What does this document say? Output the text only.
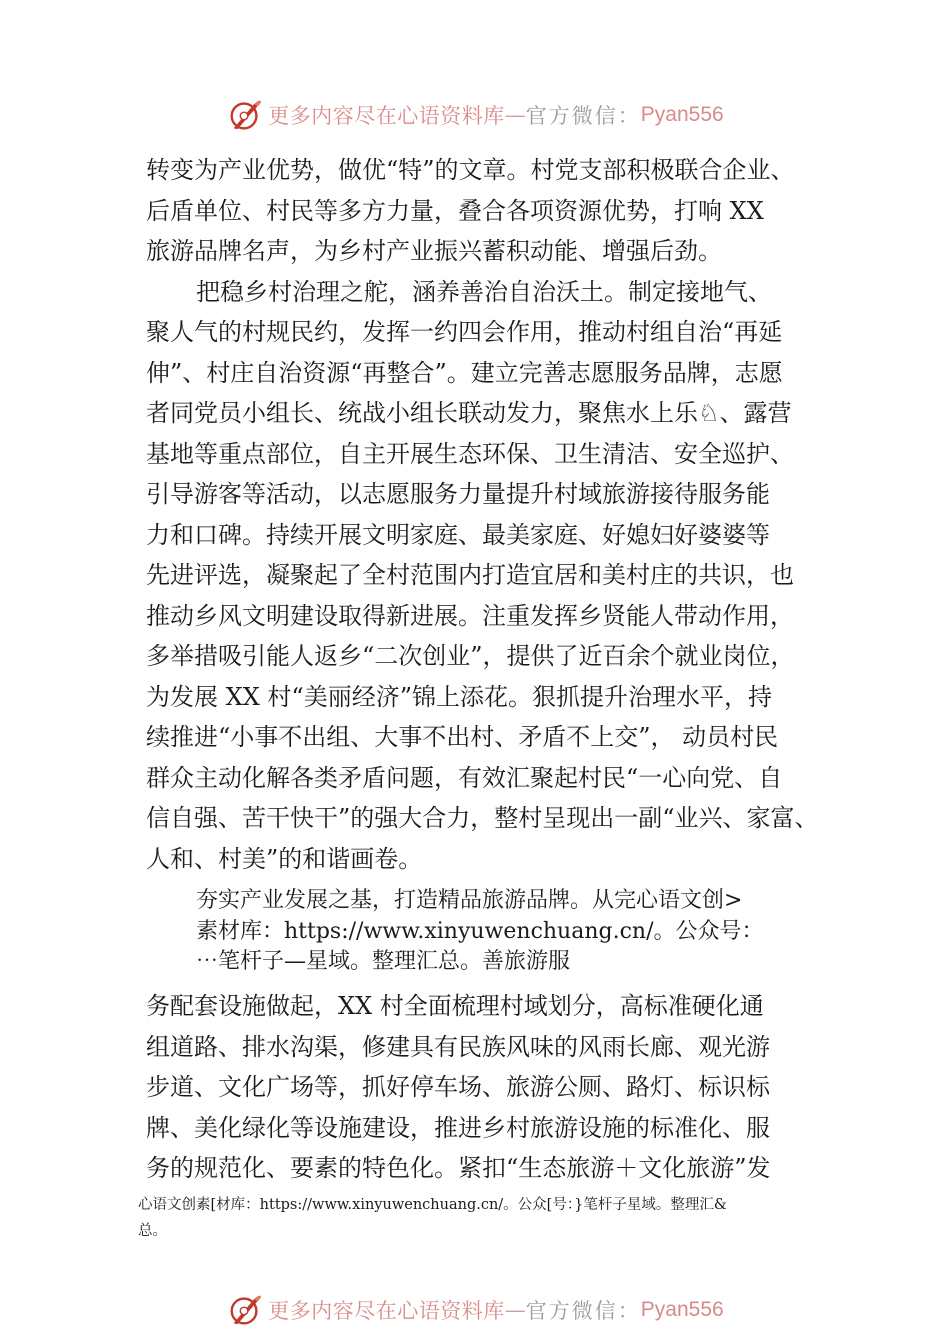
更多内容尽在心语资料库 — 官方微信： Pyan556
转变为产业优势，做优“特”的文章。村党支部积极联合企业、
后盾单位、村民等多方力量，叠合各项资源优势，打响 XX
旅游品牌名声，为乡村产业振兴蓄积动能、增强后劲。
把稳乡村治理之舵，涵养善治自治沃土。制定接地气、
聚人气的村规民约，发挥一约四会作用，推动村组自治“再延
伸”、村庄自治资源“再整合”。建立完善志愿服务品牌，志愿
者同党员小组长、统战小组长联动发力，聚焦水上乐♘、露营
基地等重点部位，自主开展生态环保、卫生清洁、安全巡护、
引导游客等活动，以志愿服务力量提升村域旅游接待服务能
力和口碑。持续开展文明家庭、最美家庭、好媳妇好婆婆等
先进评选，凝聚起了全村范围内打造宜居和美村庄的共识，也
推动乡风文明建设取得新进展。注重发挥乡贤能人带动作用，
多举措吸引能人返乡“二次创业”，提供了近百余个就业岗位，
为发展 XX 村“美丽经济”锦上添花。狠抓提升治理水平，持
续推进“小事不出组、大事不出村、矛盾不上交”， 动员村民
群众主动化解各类矛盾问题，有效汇聚起村民“一心向党、自
信自强、苦干快干”的强大合力，整村呈现出一副“业兴、家富、
人和、村美”的和谐画卷。
夯实产业发展之基，打造精品旅游品牌。从完心语文创>
素材库：https://www.xinyuwenchuang.cn/。公众号：
⋯笔杆子—星域。整理汇总。善旅游服
务配套设施做起，XX 村全面梳理村域划分，高标准硬化通
组道路、排水沟渠，修建具有民族风味的风雨长廊、观光游
步道、文化广场等，抓好停车场、旅游公厕、路灯、标识标
牌、美化绿化等设施建设，推进乡村旅游设施的标准化、服
务的规范化、要素的特色化。紧扣“生态旅游＋文化旅游”发
心语文创素[材库：https://www.xinyuwenchuang.cn/。公众[号：}笔杆子星域。整理汇&
总。
更多内容尽在心语资料库 — 官方微信： Pyan556
